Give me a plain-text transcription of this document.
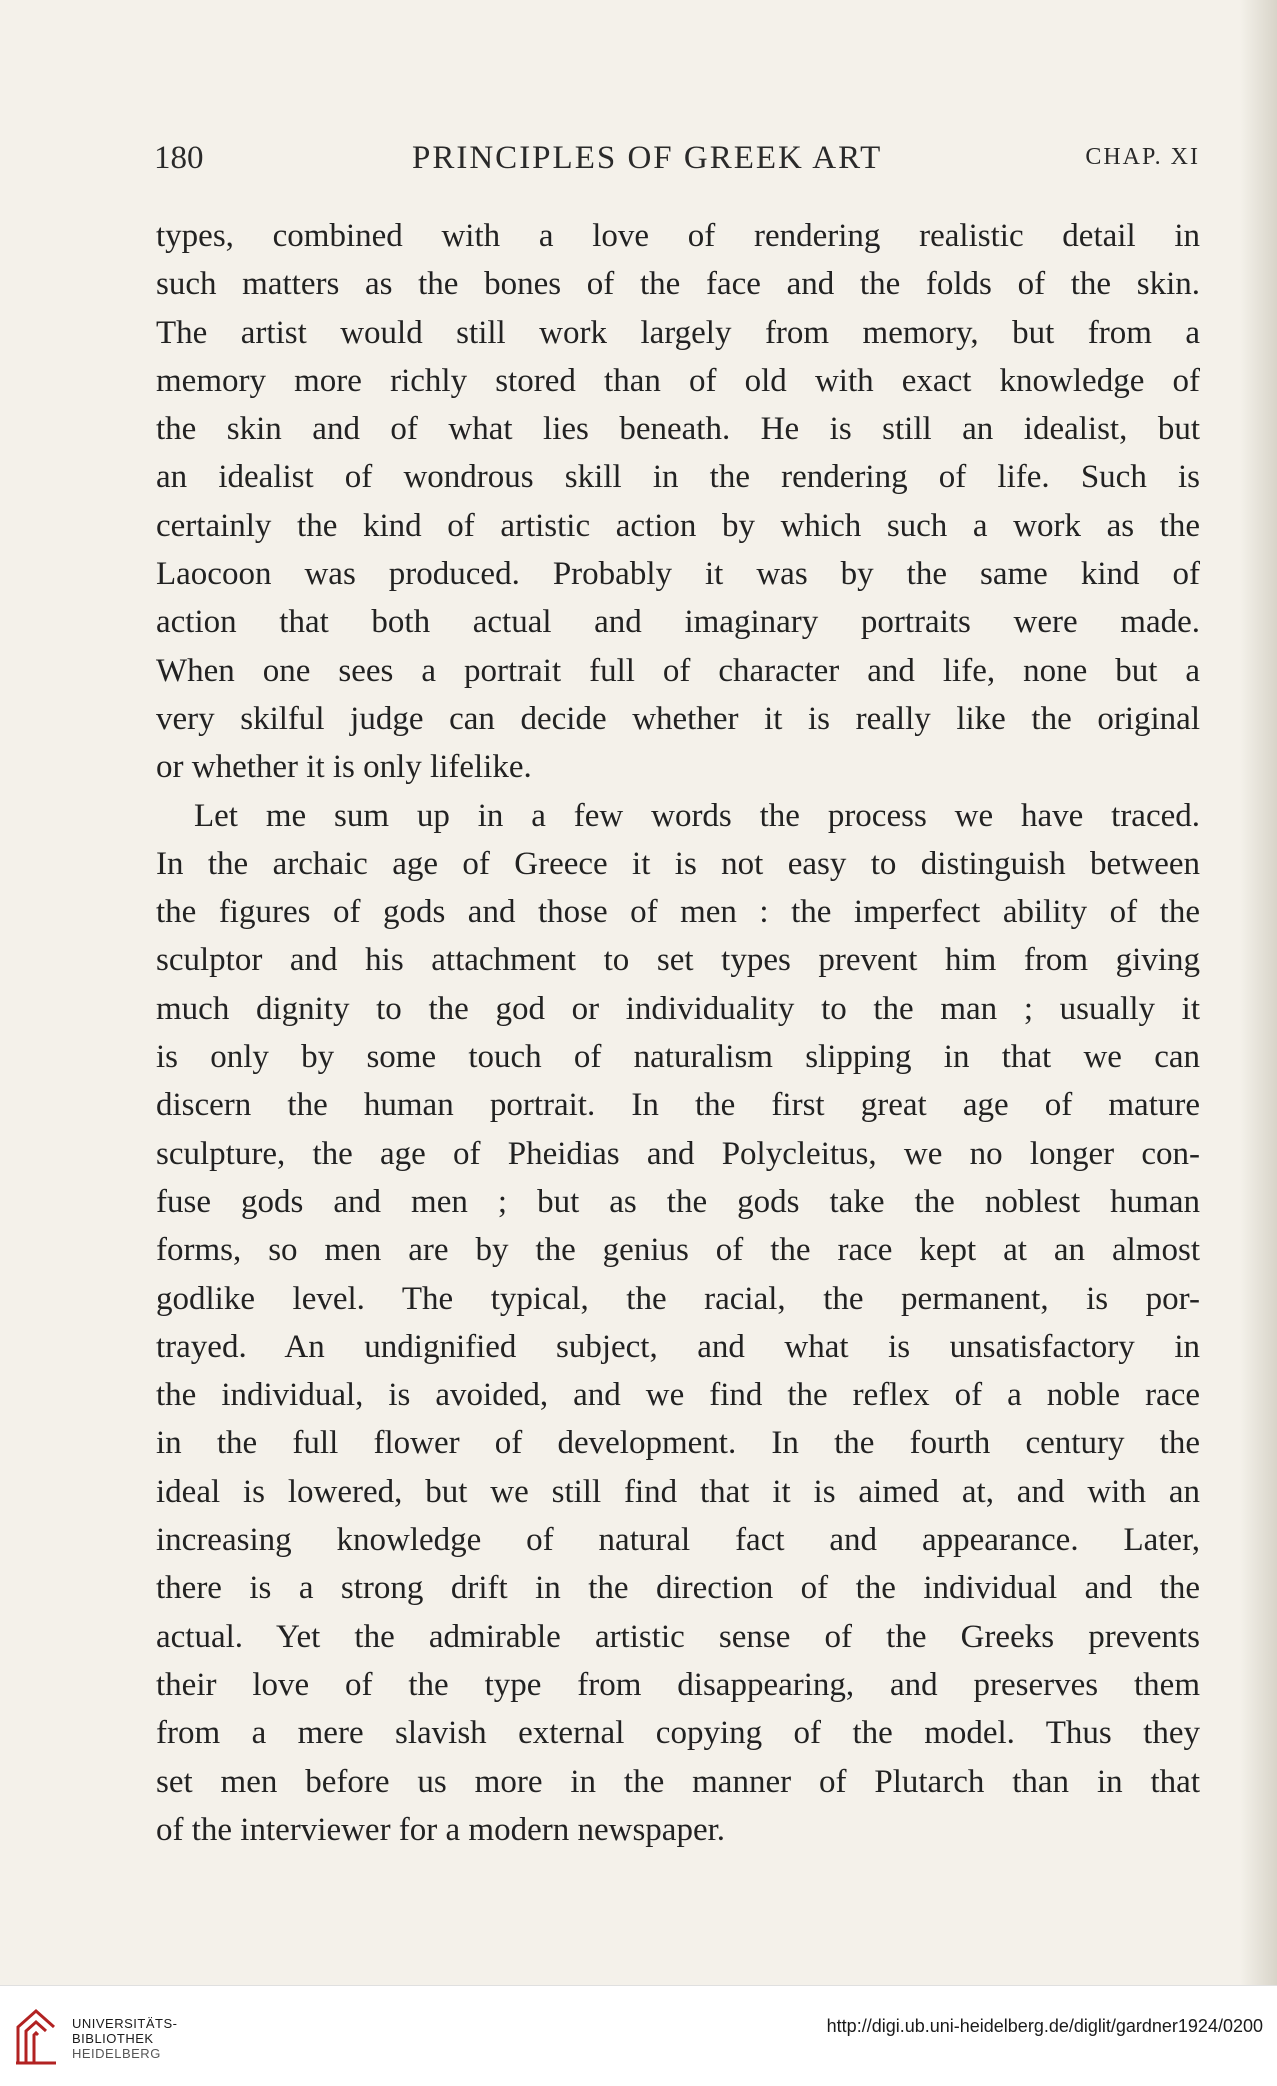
180	PRINCIPLES OF GREEK ART	CHAP. XI
types, combined with a love of rendering realistic detail in
such matters as the bones of the face and the folds of the skin.
The artist would still work largely from memory, but from a
memory more richly stored than of old with exact knowledge of
the skin and of what lies beneath. He is still an idealist, but
an idealist of wondrous skill in the rendering of life. Such is
certainly the kind of artistic action by which such a work as the
Laocoon was produced. Probably it was by the same kind of
action that both actual and imaginary portraits were made.
When one sees a portrait full of character and life, none but a
very skilful judge can decide whether it is really like the original
or whether it is only lifelike.
Let me sum up in a few words the process we have traced.
In the archaic age of Greece it is not easy to distinguish between
the figures of gods and those of men : the imperfect ability of the
sculptor and his attachment to set types prevent him from giving
much dignity to the god or individuality to the man ; usually it
is only by some touch of naturalism slipping in that we can
discern the human portrait. In the first great age of mature
sculpture, the age of Pheidias and Polycleitus, we no longer con-
fuse gods and men ; but as the gods take the noblest human
forms, so men are by the genius of the race kept at an almost
godlike level. The typical, the racial, the permanent, is por-
trayed. An undignified subject, and what is unsatisfactory in
the individual, is avoided, and we find the reflex of a noble race
in the full flower of development. In the fourth century the
ideal is lowered, but we still find that it is aimed at, and with an
increasing knowledge of natural fact and appearance. Later,
there is a strong drift in the direction of the individual and the
actual. Yet the admirable artistic sense of the Greeks prevents
their love of the type from disappearing, and preserves them
from a mere slavish external copying of the model. Thus they
set men before us more in the manner of Plutarch than in that
of the interviewer for a modern newspaper.
UNIVERSITÄTS-
BIBLIOTHEK
HEIDELBERG
http://digi.ub.uni-heidelberg.de/diglit/gardner1924/0200
